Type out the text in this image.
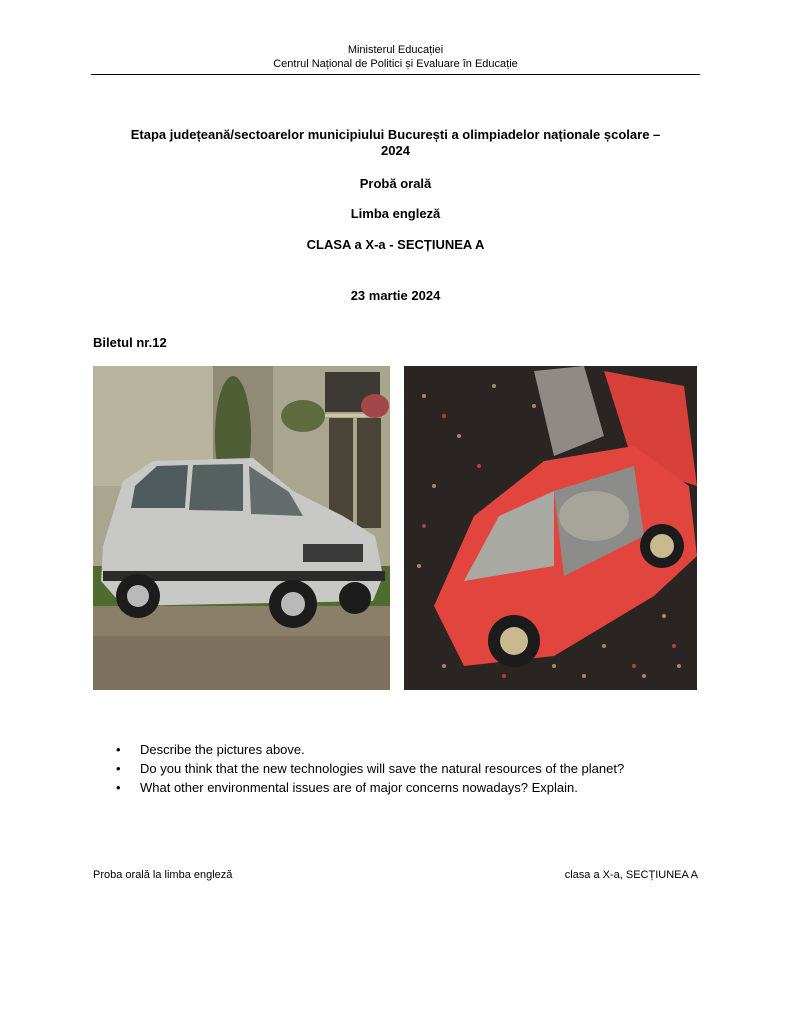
Ministerul Educației
Centrul Național de Politici și Evaluare în Educație
Etapa județeană/sectoarelor municipiului București a olimpiadelor naționale școlare –
2024
Probă orală
Limba engleză
CLASA a X-a - SECȚIUNEA A
23 martie 2024
Biletul nr.12
• Describe the pictures above.
• Do you think that the new technologies will save the natural resources of the planet?
• What other environmental issues are of major concerns nowadays? Explain.
Proba orală la limba engleză	clasa a X-a, SECȚIUNEA A
